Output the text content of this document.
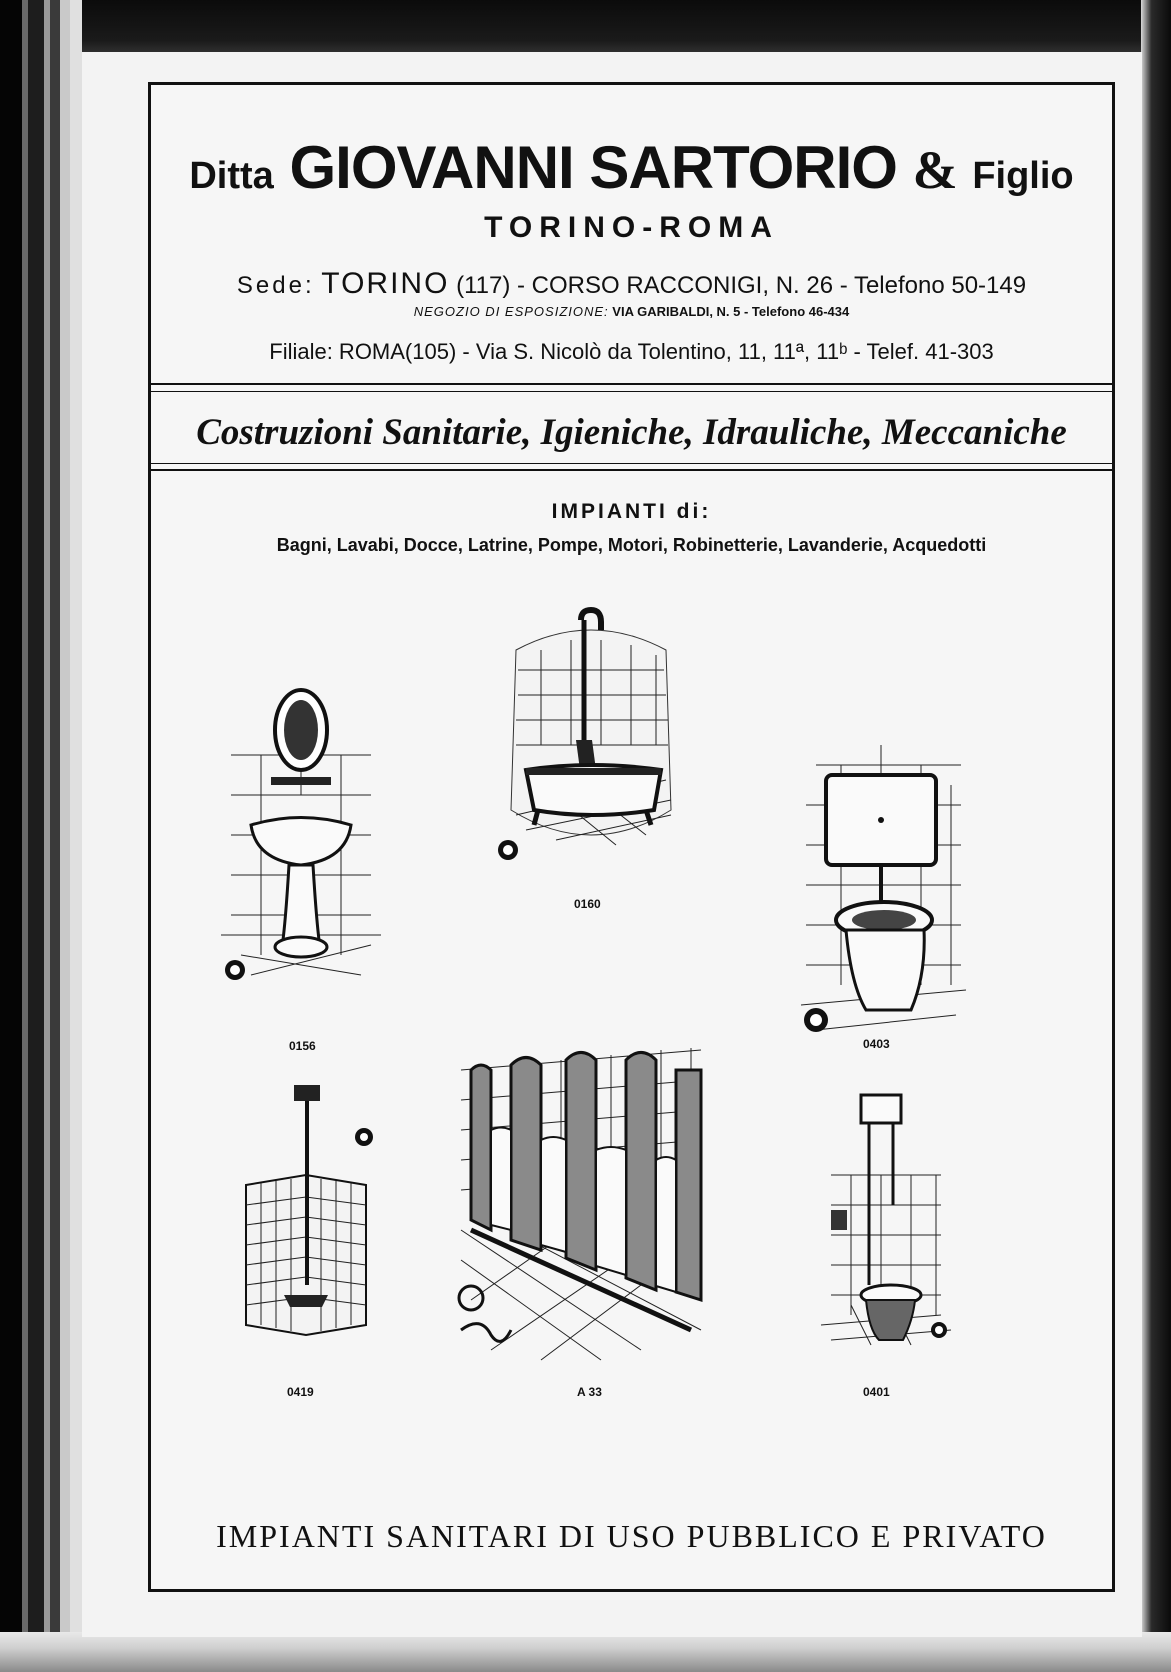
Ditta GIOVANNI SARTORIO & Figlio
TORINO-ROMA
Sede: TORINO (117) - CORSO RACCONIGI, N. 26 - Telefono 50-149
NEGOZIO DI ESPOSIZIONE: VIA GARIBALDI, N. 5 - Telefono 46-434
Filiale: ROMA(105) - Via S. Nicolò da Tolentino, 11, 11ª, 11ᵇ - Telef. 41-303
Costruzioni Sanitarie, Igieniche, Idrauliche, Meccaniche
IMPIANTI di:
Bagni, Lavabi, Docce, Latrine, Pompe, Motori, Robinetterie, Lavanderie, Acquedotti
0156
0160
0403
0419	A 33	0401
IMPIANTI SANITARI DI USO PUBBLICO E PRIVATO
